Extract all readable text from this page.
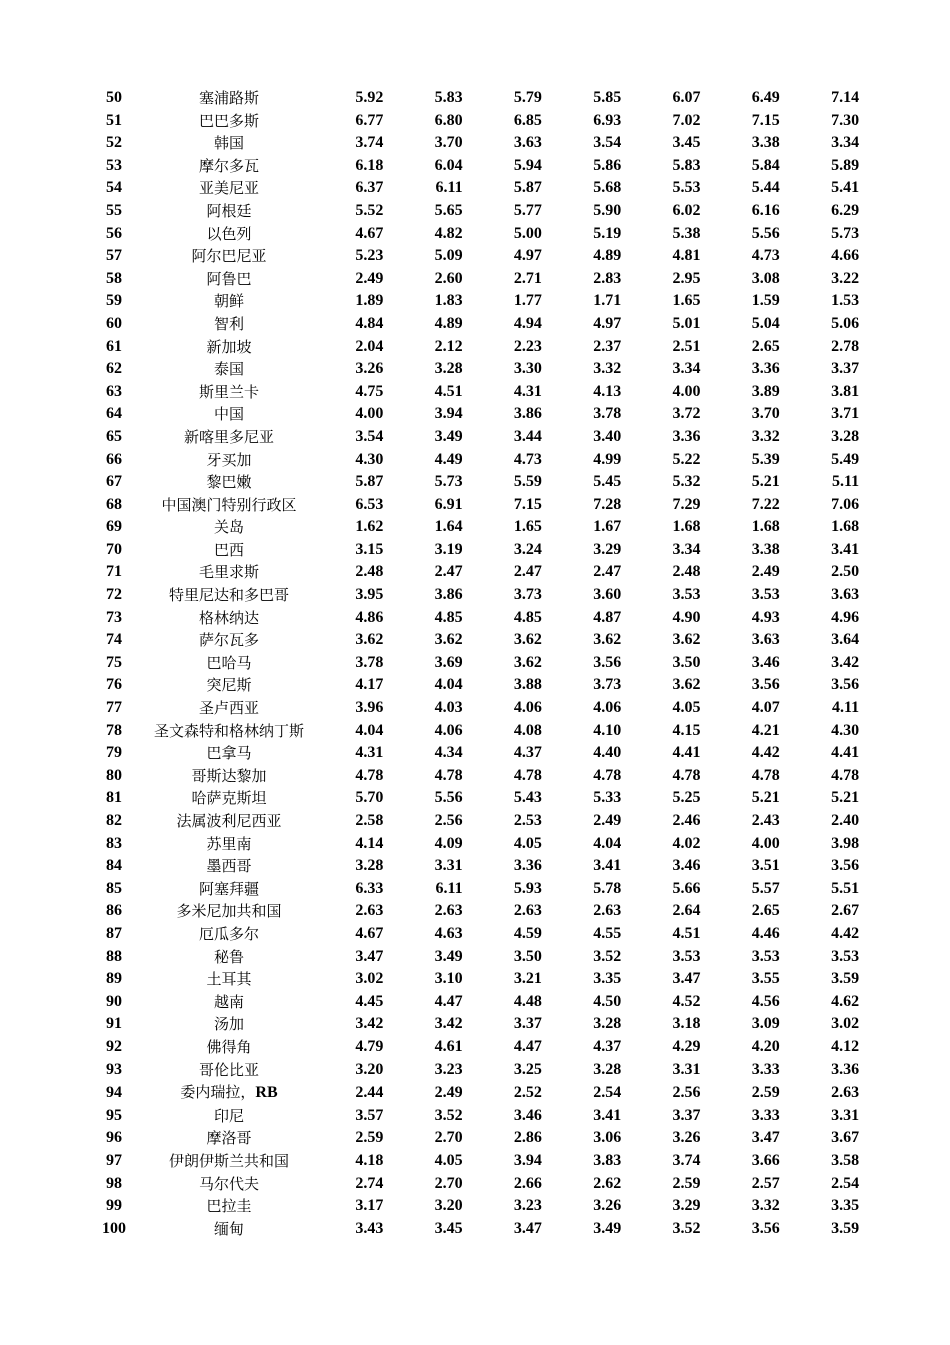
50	塞浦路斯	5.92	5.83	5.79	5.85	6.07	6.49	7.14
51	巴巴多斯	6.77	6.80	6.85	6.93	7.02	7.15	7.30
52	韩国	3.74	3.70	3.63	3.54	3.45	3.38	3.34
53	摩尔多瓦	6.18	6.04	5.94	5.86	5.83	5.84	5.89
54	亚美尼亚	6.37	6.11	5.87	5.68	5.53	5.44	5.41
55	阿根廷	5.52	5.65	5.77	5.90	6.02	6.16	6.29
56	以色列	4.67	4.82	5.00	5.19	5.38	5.56	5.73
57	阿尔巴尼亚	5.23	5.09	4.97	4.89	4.81	4.73	4.66
58	阿鲁巴	2.49	2.60	2.71	2.83	2.95	3.08	3.22
59	朝鲜	1.89	1.83	1.77	1.71	1.65	1.59	1.53
60	智利	4.84	4.89	4.94	4.97	5.01	5.04	5.06
61	新加坡	2.04	2.12	2.23	2.37	2.51	2.65	2.78
62	泰国	3.26	3.28	3.30	3.32	3.34	3.36	3.37
63	斯里兰卡	4.75	4.51	4.31	4.13	4.00	3.89	3.81
64	中国	4.00	3.94	3.86	3.78	3.72	3.70	3.71
65	新喀里多尼亚	3.54	3.49	3.44	3.40	3.36	3.32	3.28
66	牙买加	4.30	4.49	4.73	4.99	5.22	5.39	5.49
67	黎巴嫩	5.87	5.73	5.59	5.45	5.32	5.21	5.11
68	中国澳门特别行政区	6.53	6.91	7.15	7.28	7.29	7.22	7.06
69	关岛	1.62	1.64	1.65	1.67	1.68	1.68	1.68
70	巴西	3.15	3.19	3.24	3.29	3.34	3.38	3.41
71	毛里求斯	2.48	2.47	2.47	2.47	2.48	2.49	2.50
72	特里尼达和多巴哥	3.95	3.86	3.73	3.60	3.53	3.53	3.63
73	格林纳达	4.86	4.85	4.85	4.87	4.90	4.93	4.96
74	萨尔瓦多	3.62	3.62	3.62	3.62	3.62	3.63	3.64
75	巴哈马	3.78	3.69	3.62	3.56	3.50	3.46	3.42
76	突尼斯	4.17	4.04	3.88	3.73	3.62	3.56	3.56
77	圣卢西亚	3.96	4.03	4.06	4.06	4.05	4.07	4.11
78	圣文森特和格林纳丁斯	4.04	4.06	4.08	4.10	4.15	4.21	4.30
79	巴拿马	4.31	4.34	4.37	4.40	4.41	4.42	4.41
80	哥斯达黎加	4.78	4.78	4.78	4.78	4.78	4.78	4.78
81	哈萨克斯坦	5.70	5.56	5.43	5.33	5.25	5.21	5.21
82	法属波利尼西亚	2.58	2.56	2.53	2.49	2.46	2.43	2.40
83	苏里南	4.14	4.09	4.05	4.04	4.02	4.00	3.98
84	墨西哥	3.28	3.31	3.36	3.41	3.46	3.51	3.56
85	阿塞拜疆	6.33	6.11	5.93	5.78	5.66	5.57	5.51
86	多米尼加共和国	2.63	2.63	2.63	2.63	2.64	2.65	2.67
87	厄瓜多尔	4.67	4.63	4.59	4.55	4.51	4.46	4.42
88	秘鲁	3.47	3.49	3.50	3.52	3.53	3.53	3.53
89	土耳其	3.02	3.10	3.21	3.35	3.47	3.55	3.59
90	越南	4.45	4.47	4.48	4.50	4.52	4.56	4.62
91	汤加	3.42	3.42	3.37	3.28	3.18	3.09	3.02
92	佛得角	4.79	4.61	4.47	4.37	4.29	4.20	4.12
93	哥伦比亚	3.20	3.23	3.25	3.28	3.31	3.33	3.36
94	委内瑞拉，RB	2.44	2.49	2.52	2.54	2.56	2.59	2.63
95	印尼	3.57	3.52	3.46	3.41	3.37	3.33	3.31
96	摩洛哥	2.59	2.70	2.86	3.06	3.26	3.47	3.67
97	伊朗伊斯兰共和国	4.18	4.05	3.94	3.83	3.74	3.66	3.58
98	马尔代夫	2.74	2.70	2.66	2.62	2.59	2.57	2.54
99	巴拉圭	3.17	3.20	3.23	3.26	3.29	3.32	3.35
100	缅甸	3.43	3.45	3.47	3.49	3.52	3.56	3.59
